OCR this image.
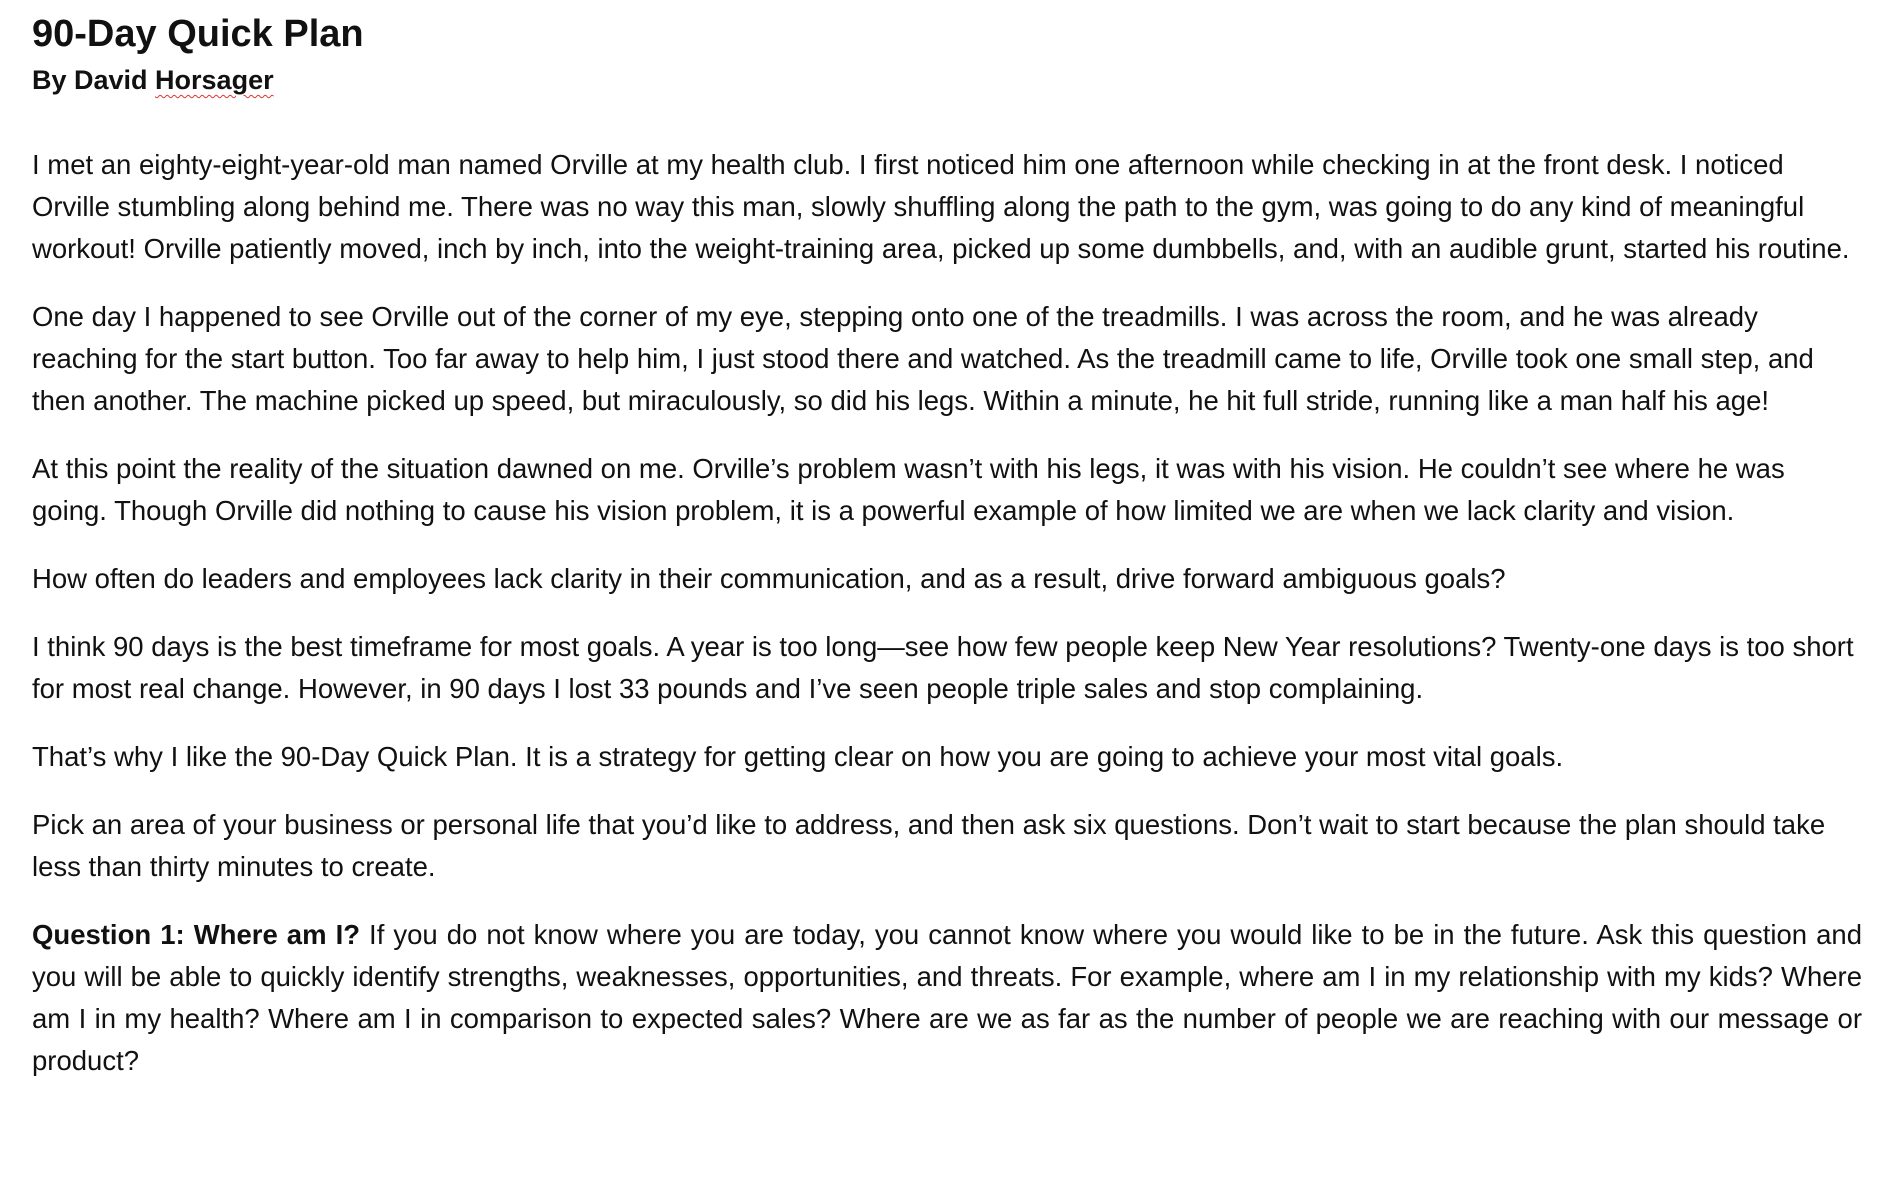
90-Day Quick Plan

By David Horsager

I met an eighty-eight-year-old man named Orville at my health club. I first noticed him one afternoon while checking in at the front desk. I noticed Orville stumbling along behind me. There was no way this man, slowly shuffling along the path to the gym, was going to do any kind of meaningful workout! Orville patiently moved, inch by inch, into the weight-training area, picked up some dumbbells, and, with an audible grunt, started his routine.

One day I happened to see Orville out of the corner of my eye, stepping onto one of the treadmills. I was across the room, and he was already reaching for the start button. Too far away to help him, I just stood there and watched. As the treadmill came to life, Orville took one small step, and then another. The machine picked up speed, but miraculously, so did his legs. Within a minute, he hit full stride, running like a man half his age!

At this point the reality of the situation dawned on me. Orville’s problem wasn’t with his legs, it was with his vision. He couldn’t see where he was going. Though Orville did nothing to cause his vision problem, it is a powerful example of how limited we are when we lack clarity and vision.

How often do leaders and employees lack clarity in their communication, and as a result, drive forward ambiguous goals?

I think 90 days is the best timeframe for most goals. A year is too long—see how few people keep New Year resolutions? Twenty-one days is too short for most real change. However, in 90 days I lost 33 pounds and I’ve seen people triple sales and stop complaining.

That’s why I like the 90-Day Quick Plan. It is a strategy for getting clear on how you are going to achieve your most vital goals.

Pick an area of your business or personal life that you’d like to address, and then ask six questions. Don’t wait to start because the plan should take less than thirty minutes to create.

Question 1: Where am I? If you do not know where you are today, you cannot know where you would like to be in the future. Ask this question and you will be able to quickly identify strengths, weaknesses, opportunities, and threats. For example, where am I in my relationship with my kids? Where am I in my health? Where am I in comparison to expected sales? Where are we as far as the number of people we are reaching with our message or product?
